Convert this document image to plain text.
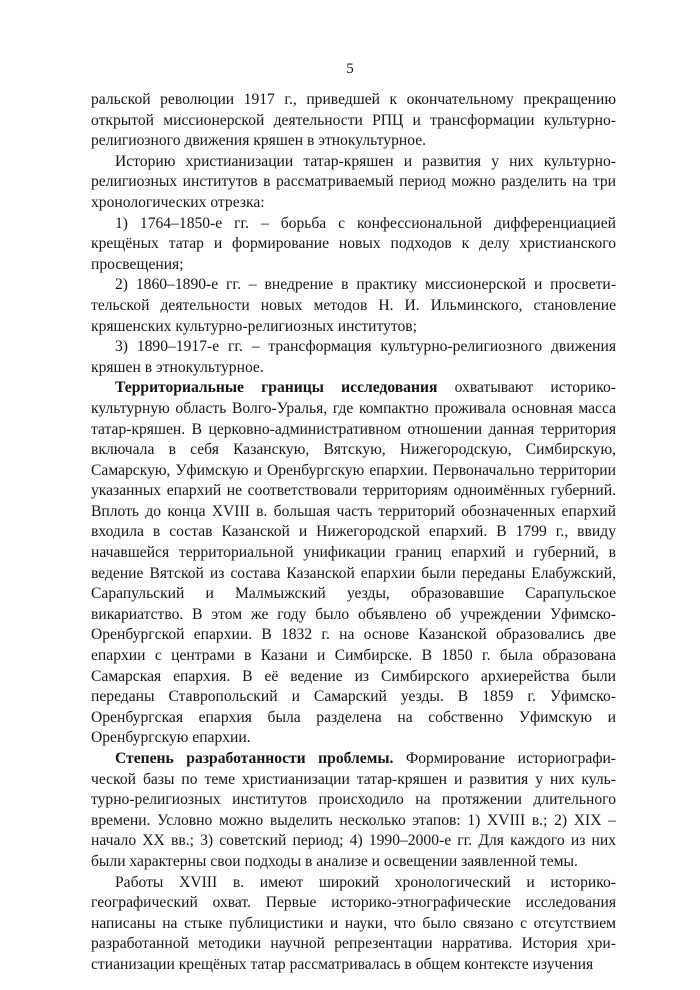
5

ральской революции 1917 г., приведшей к окончательному прекращению открытой миссионерской деятельности РПЦ и трансформации культурно-религиозного движения кряшен в этнокультурное.

Историю христианизации татар-кряшен и развития у них культурно-религиозных институтов в рассматриваемый период можно разделить на три хронологических отрезка:

1) 1764–1850-е гг. – борьба с конфессиональной дифференциацией крещёных татар и формирование новых подходов к делу христианского просвещения;

2) 1860–1890-е гг. – внедрение в практику миссионерской и просветительской деятельности новых методов Н. И. Ильминского, становление кряшенских культурно-религиозных институтов;

3) 1890–1917-е гг. – трансформация культурно-религиозного движения кряшен в этнокультурное.

Территориальные границы исследования охватывают историко-культурную область Волго-Уралья, где компактно проживала основная масса татар-кряшен. В церковно-административном отношении данная территория включала в себя Казанскую, Вятскую, Нижегородскую, Симбирскую, Самарскую, Уфимскую и Оренбургскую епархии. Первоначально территории указанных епархий не соответствовали территориям одноимённых губерний. Вплоть до конца XVIII в. большая часть территорий обозначенных епархий входила в состав Казанской и Нижегородской епархий. В 1799 г., ввиду начавшейся территориальной унификации границ епархий и губерний, в ведение Вятской из состава Казанской епархии были переданы Елабужский, Сарапульский и Малмыжский уезды, образовавшие Сарапульское викариатство. В этом же году было объявлено об учреждении Уфимско-Оренбургской епархии. В 1832 г. на основе Казанской образовались две епархии с центрами в Казани и Симбирске. В 1850 г. была образована Самарская епархия. В её ведение из Симбирского архиерейства были переданы Ставропольский и Самарский уезды. В 1859 г. Уфимско-Оренбургская епархия была разделена на собственно Уфимскую и Оренбургскую епархии.

Степень разработанности проблемы. Формирование историографической базы по теме христианизации татар-кряшен и развития у них культурно-религиозных институтов происходило на протяжении длительного времени. Условно можно выделить несколько этапов: 1) XVIII в.; 2) XIX – начало XX вв.; 3) советский период; 4) 1990–2000-е гг. Для каждого из них были характерны свои подходы в анализе и освещении заявленной темы.

Работы XVIII в. имеют широкий хронологический и историко-географический охват. Первые историко-этнографические исследования написаны на стыке публицистики и науки, что было связано с отсутствием разработанной методики научной репрезентации нарратива. История христианизации крещёных татар рассматривалась в общем контексте изучения
